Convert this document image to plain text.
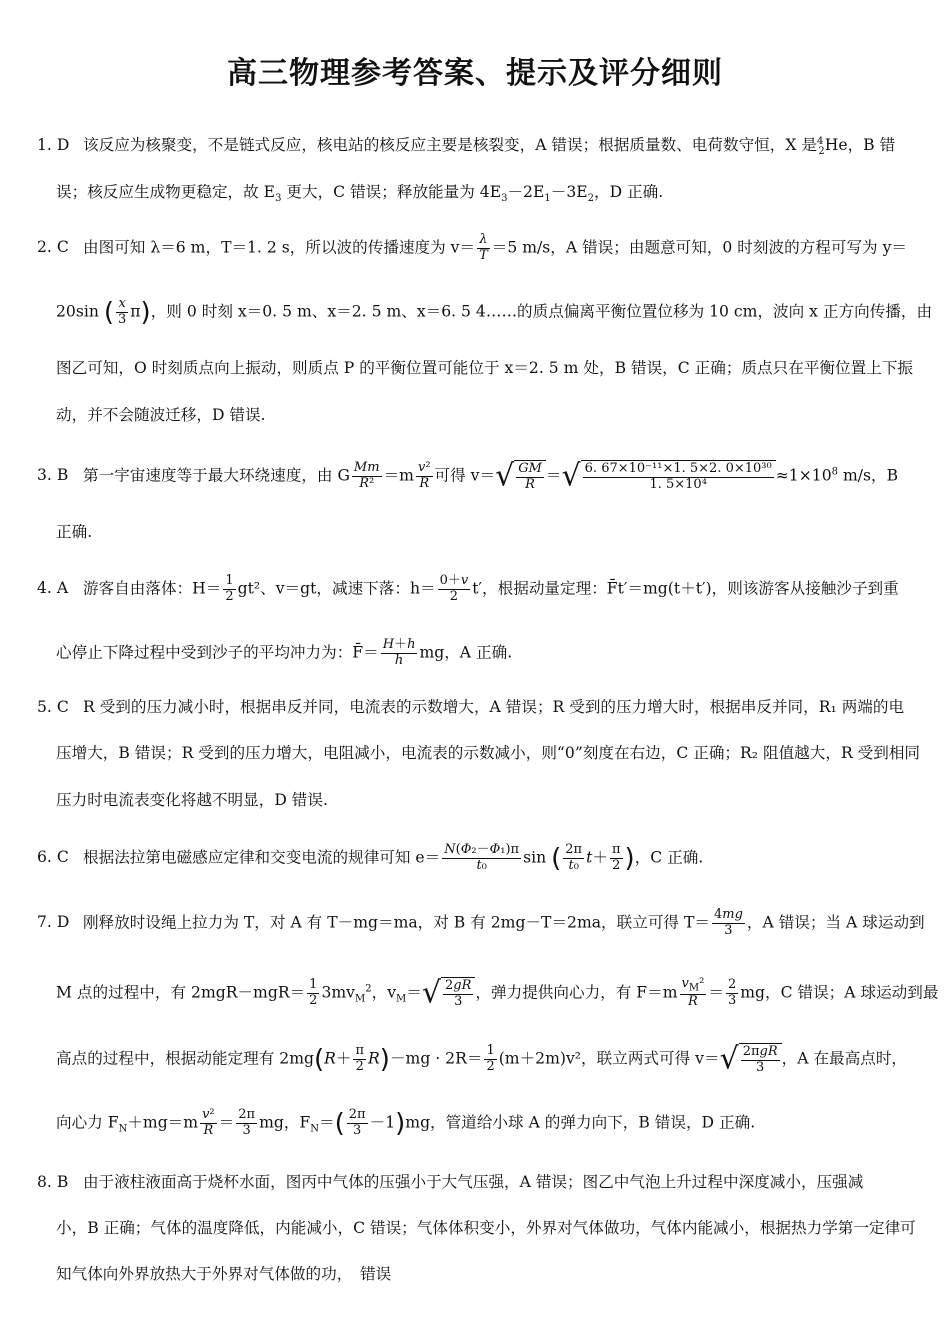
高三物理参考答案、提示及评分细则
1. D 该反应为核聚变，不是链式反应，核电站的核反应主要是核裂变，A 错误；根据质量数、电荷数守恒，X 是$^4_2$He，B 错
误；核反应生成物更稳定，故 $E_3$ 更大，C 错误；释放能量为 $4E_3-2E_1-3E_2$，D 正确.
2. C 由图可知 λ＝6 m，T＝1. 2 s，所以波的传播速度为 $v= \frac{\lambda}{T} =5$ m/s，A 错误；由题意可知，0 时刻波的方程可写为 y＝
20sin ( $\frac{x}{3} \pi$)，则 0 时刻 x＝0. 5 m、x＝2. 5 m、x＝6. 5 4……的质点偏离平衡位置位移为 10 cm，波向 x 正方向传播，由
图乙可知，O 时刻质点向上振动，则质点 P 的平衡位置可能位于 x＝2. 5 m 处，B 错误，C 正确；质点只在平衡位置上下振
动，并不会随波迁移，D 错误.
3. B 第一宇宙速度等于最大环绕速度，由 G $\frac{Mm}{\text{R²}} =m \frac{\text{v²}}{R}$ 可得 $v=√ \frac{GM}{R}$ ＝√ $\frac{\text{6. 67×10⁻¹¹×1. 5×2. 0×10³⁰}}{\text{1. 5×10⁴}} \approx 1\times 10^8$ m/s，B
正确.
4. A 游客自由落体：$H= \frac{1}{2} gt^2$、v＝gt，减速下落：$h= \frac{0+v}{2} t'$，根据动量定理：F̄t′＝mg(t＋t′)，则该游客从接触沙子到重
心停止下降过程中受到沙子的平均冲力为：F̄＝ $\frac{H+h}{h}$ mg，A 正确.
5. C R 受到的压力减小时，根据串反并同，电流表的示数增大，A 错误；R 受到的压力增大时，根据串反并同，R₁ 两端的电
压增大，B 错误；R 受到的压力增大，电阻减小，电流表的示数减小，则“0”刻度在右边，C 正确；R₂ 阻值越大，R 受到相同
压力时电流表变化将越不明显，D 错误.
6. C 根据法拉第电磁感应定律和交变电流的规律可知 $e= \frac{\text{N(Φ₂－Φ₁)π}}{\text{t₀}}$ sin ( $\frac{2\pi}{\text{t₀}} t+ \frac{\pi}{2}$ )，C 正确.
7. D 刚释放时设绳上拉力为 T，对 A 有 T－mg＝ma，对 B 有 2mg－T＝2ma，联立可得 $T= \frac{4mg}{3}$ ，A 错误；当 A 球运动到
M 点的过程中，有 $2mgR-mgR= \frac{1}{2} 3mv_M^2$，$v_M=√ \frac{2gR}{3}$ ，弹力提供向心力，有 $F=m \frac{v_M^2}{R} = \frac{2}{3}$ mg，C 错误；A 球运动到最
高点的过程中，根据动能定理有 $2mg(R+ \frac{\pi}{2} R)-mg \cdot 2R= \frac{1}{2} (m+2m)v^2$，联立两式可得 $v=√ \frac{\text{2πgR}}{3}$ ，A 在最高点时，
向心力 $F_N+mg=m \frac{\text{v²}}{R} = \frac{2\pi}{3}$ mg，$F_N=( \frac{2\pi}{3} -1)mg$，管道给小球 A 的弹力向下，B 错误，D 正确.
8. B 由于液柱液面高于烧杯水面，图丙中气体的压强小于大气压强，A 错误；图乙中气泡上升过程中深度减小，压强减
小，B 正确；气体的温度降低，内能减小，C 错误；气体体积变小，外界对气体做功，气体内能减小，根据热力学第一定律可
知气体向外界放热大于外界对气体做的功，　错误
